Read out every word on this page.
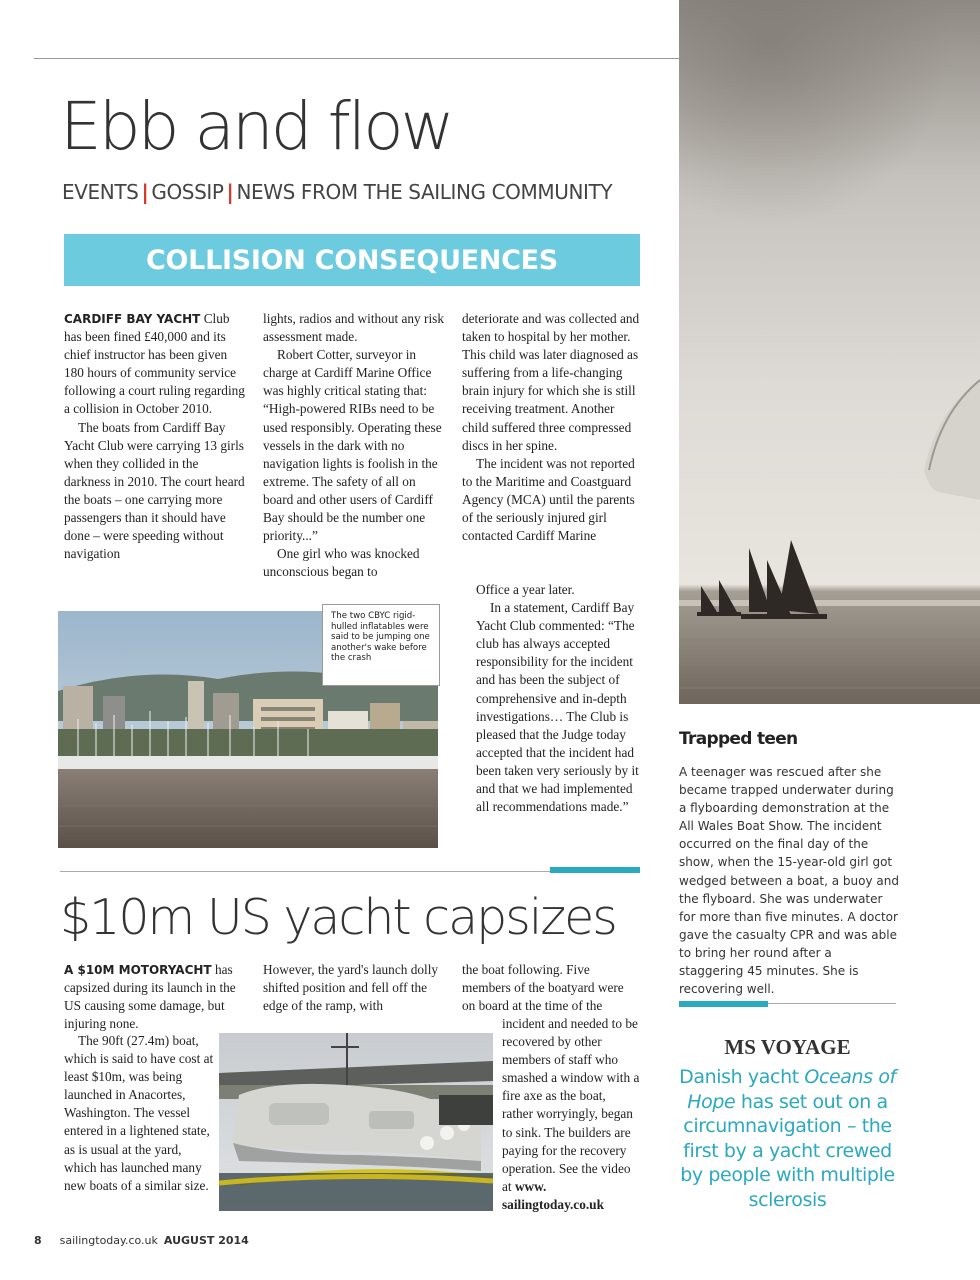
Ebb and flow
EVENTS | GOSSIP | NEWS FROM THE SAILING COMMUNITY
COLLISION CONSEQUENCES

CARDIFF BAY YACHT Club has been fined £40,000 and its chief instructor has been given 180 hours of community service following a court ruling regarding a collision in October 2010.

The boats from Cardiff Bay Yacht Club were carrying 13 girls when they collided in the darkness in 2010. The court heard the boats – one carrying more passengers than it should have done – were speeding without navigation

lights, radios and without any risk assessment made.

Robert Cotter, surveyor in charge at Cardiff Marine Office was highly critical stating that: “High-powered RIBs need to be used responsibly. Operating these vessels in the dark with no navigation lights is foolish in the extreme. The safety of all on board and other users of Cardiff Bay should be the number one priority...”

One girl who was knocked unconscious began to

deteriorate and was collected and taken to hospital by her mother. This child was later diagnosed as suffering from a life-changing brain injury for which she is still receiving treatment. Another child suffered three compressed discs in her spine.

The incident was not reported to the Maritime and Coastguard Agency (MCA) until the parents of the seriously injured girl contacted Cardiff Marine

Office a year later.

In a statement, Cardiff Bay Yacht Club commented: “The club has always accepted responsibility for the incident and has been the subject of comprehensive and in-depth investigations… The Club is pleased that the Judge today accepted that the incident had been taken very seriously by it and that we had implemented all recommendations made.”

The two CBYC rigid-hulled inflatables were said to be jumping one another's wake before the crash
$10m US yacht capsizes

A $10M MOTORYACHT has capsized during its launch in the US causing some damage, but injuring none.

The 90ft (27.4m) boat, which is said to have cost at least $10m, was being launched in Anacortes, Washington. The vessel entered in a lightened state, as is usual at the yard, which has launched many new boats of a similar size.

However, the yard's launch dolly shifted position and fell off the edge of the ramp, with

the boat following. Five members of the boatyard were on board at the time of the

incident and needed to be recovered by other members of staff who smashed a window with a fire axe as the boat, rather worryingly, began to sink. The builders are paying for the recovery operation. See the video at www. sailingtoday.co.uk

Trapped teen
A teenager was rescued after she became trapped underwater during a flyboarding demonstration at the All Wales Boat Show. The incident occurred on the final day of the show, when the 15-year-old girl got wedged between a boat, a buoy and the flyboard. She was underwater for more than five minutes. A doctor gave the casualty CPR and was able to bring her round after a staggering 45 minutes. She is recovering well.
MS VOYAGE
Danish yacht Oceans of Hope has set out on a circumnavigation – the first by a yacht crewed by people with multiple sclerosis
8 sailingtoday.co.uk AUGUST 2014
